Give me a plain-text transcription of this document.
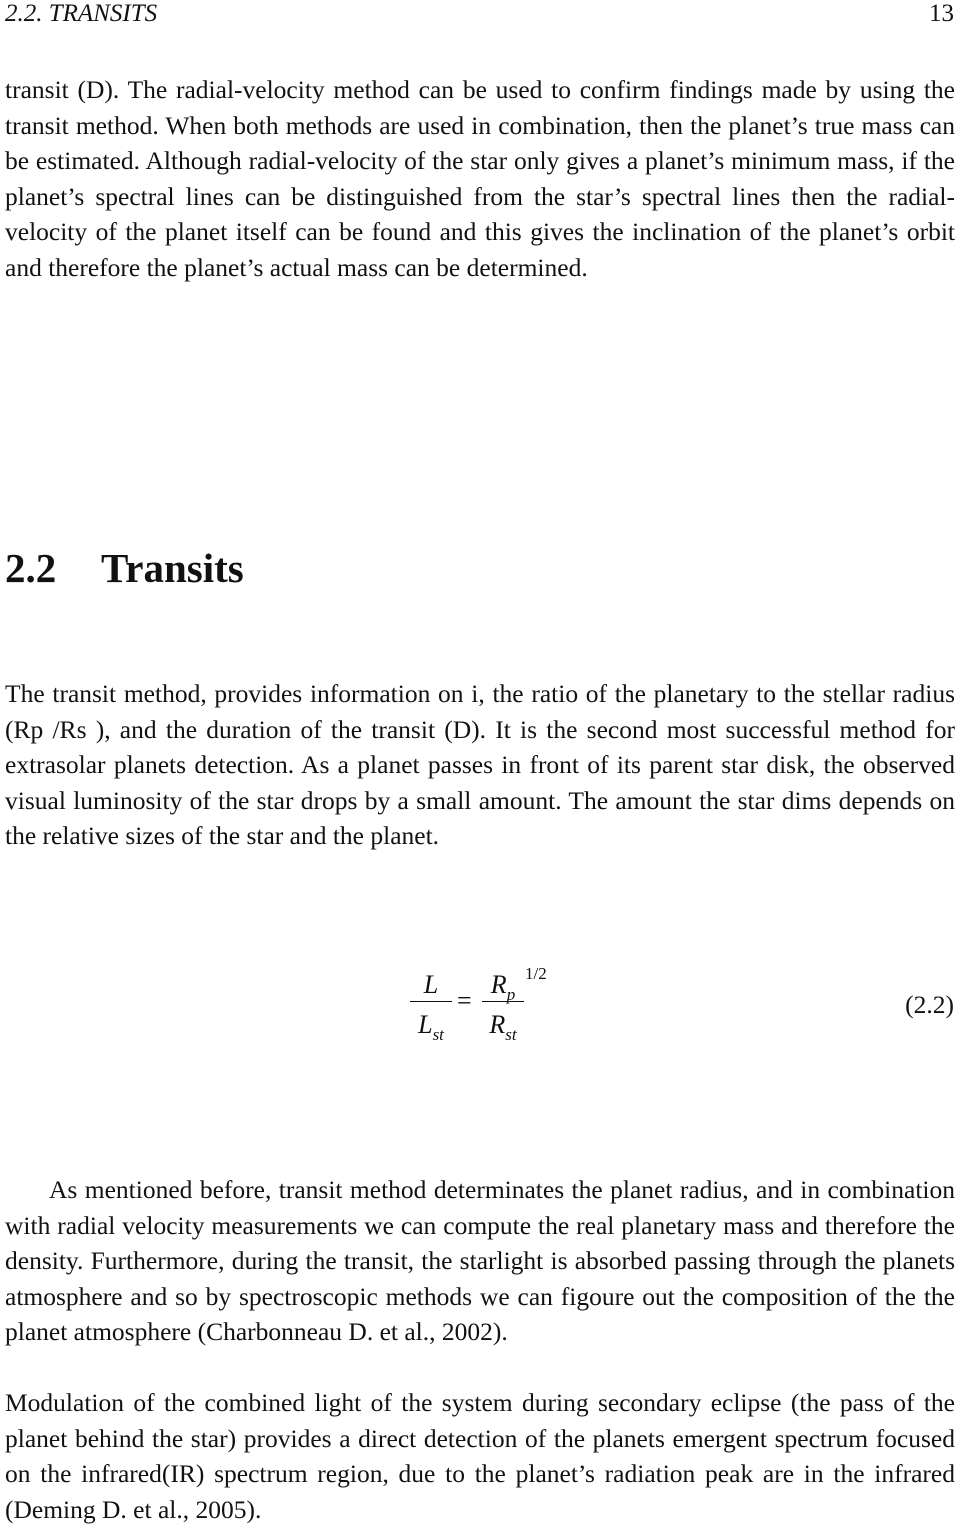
2.2. TRANSITS	13

transit (D). The radial-velocity method can be used to confirm findings made by using the transit method. When both methods are used in combination, then the planet’s true mass can be estimated. Although radial-velocity of the star only gives a planet’s minimum mass, if the planet’s spectral lines can be distinguished from the star’s spectral lines then the radial-velocity of the planet itself can be found and this gives the inclination of the planet’s orbit and therefore the planet’s actual mass can be determined.

2.2 Transits

The transit method, provides information on i, the ratio of the planetary to the stellar radius (Rp /Rs ), and the duration of the transit (D). It is the second most successful method for extrasolar planets detection. As a planet passes in front of its parent star disk, the observed visual luminosity of the star drops by a small amount. The amount the star dims depends on the relative sizes of the star and the planet.

L
$L_{st}$
=
$R_p$
$R_{st}$
1/2
(2.2)

As mentioned before, transit method determinates the planet radius, and in combination with radial velocity measurements we can compute the real planetary mass and therefore the density. Furthermore, during the transit, the starlight is absorbed passing through the planets atmosphere and so by spectroscopic methods we can figoure out the composition of the the planet atmosphere (Charbonneau D. et al., 2002).

Modulation of the combined light of the system during secondary eclipse (the pass of the planet behind the star) provides a direct detection of the planets emergent spectrum focused on the infrared(IR) spectrum region, due to the planet’s radiation peak are in the infrared (Deming D. et al., 2005).
